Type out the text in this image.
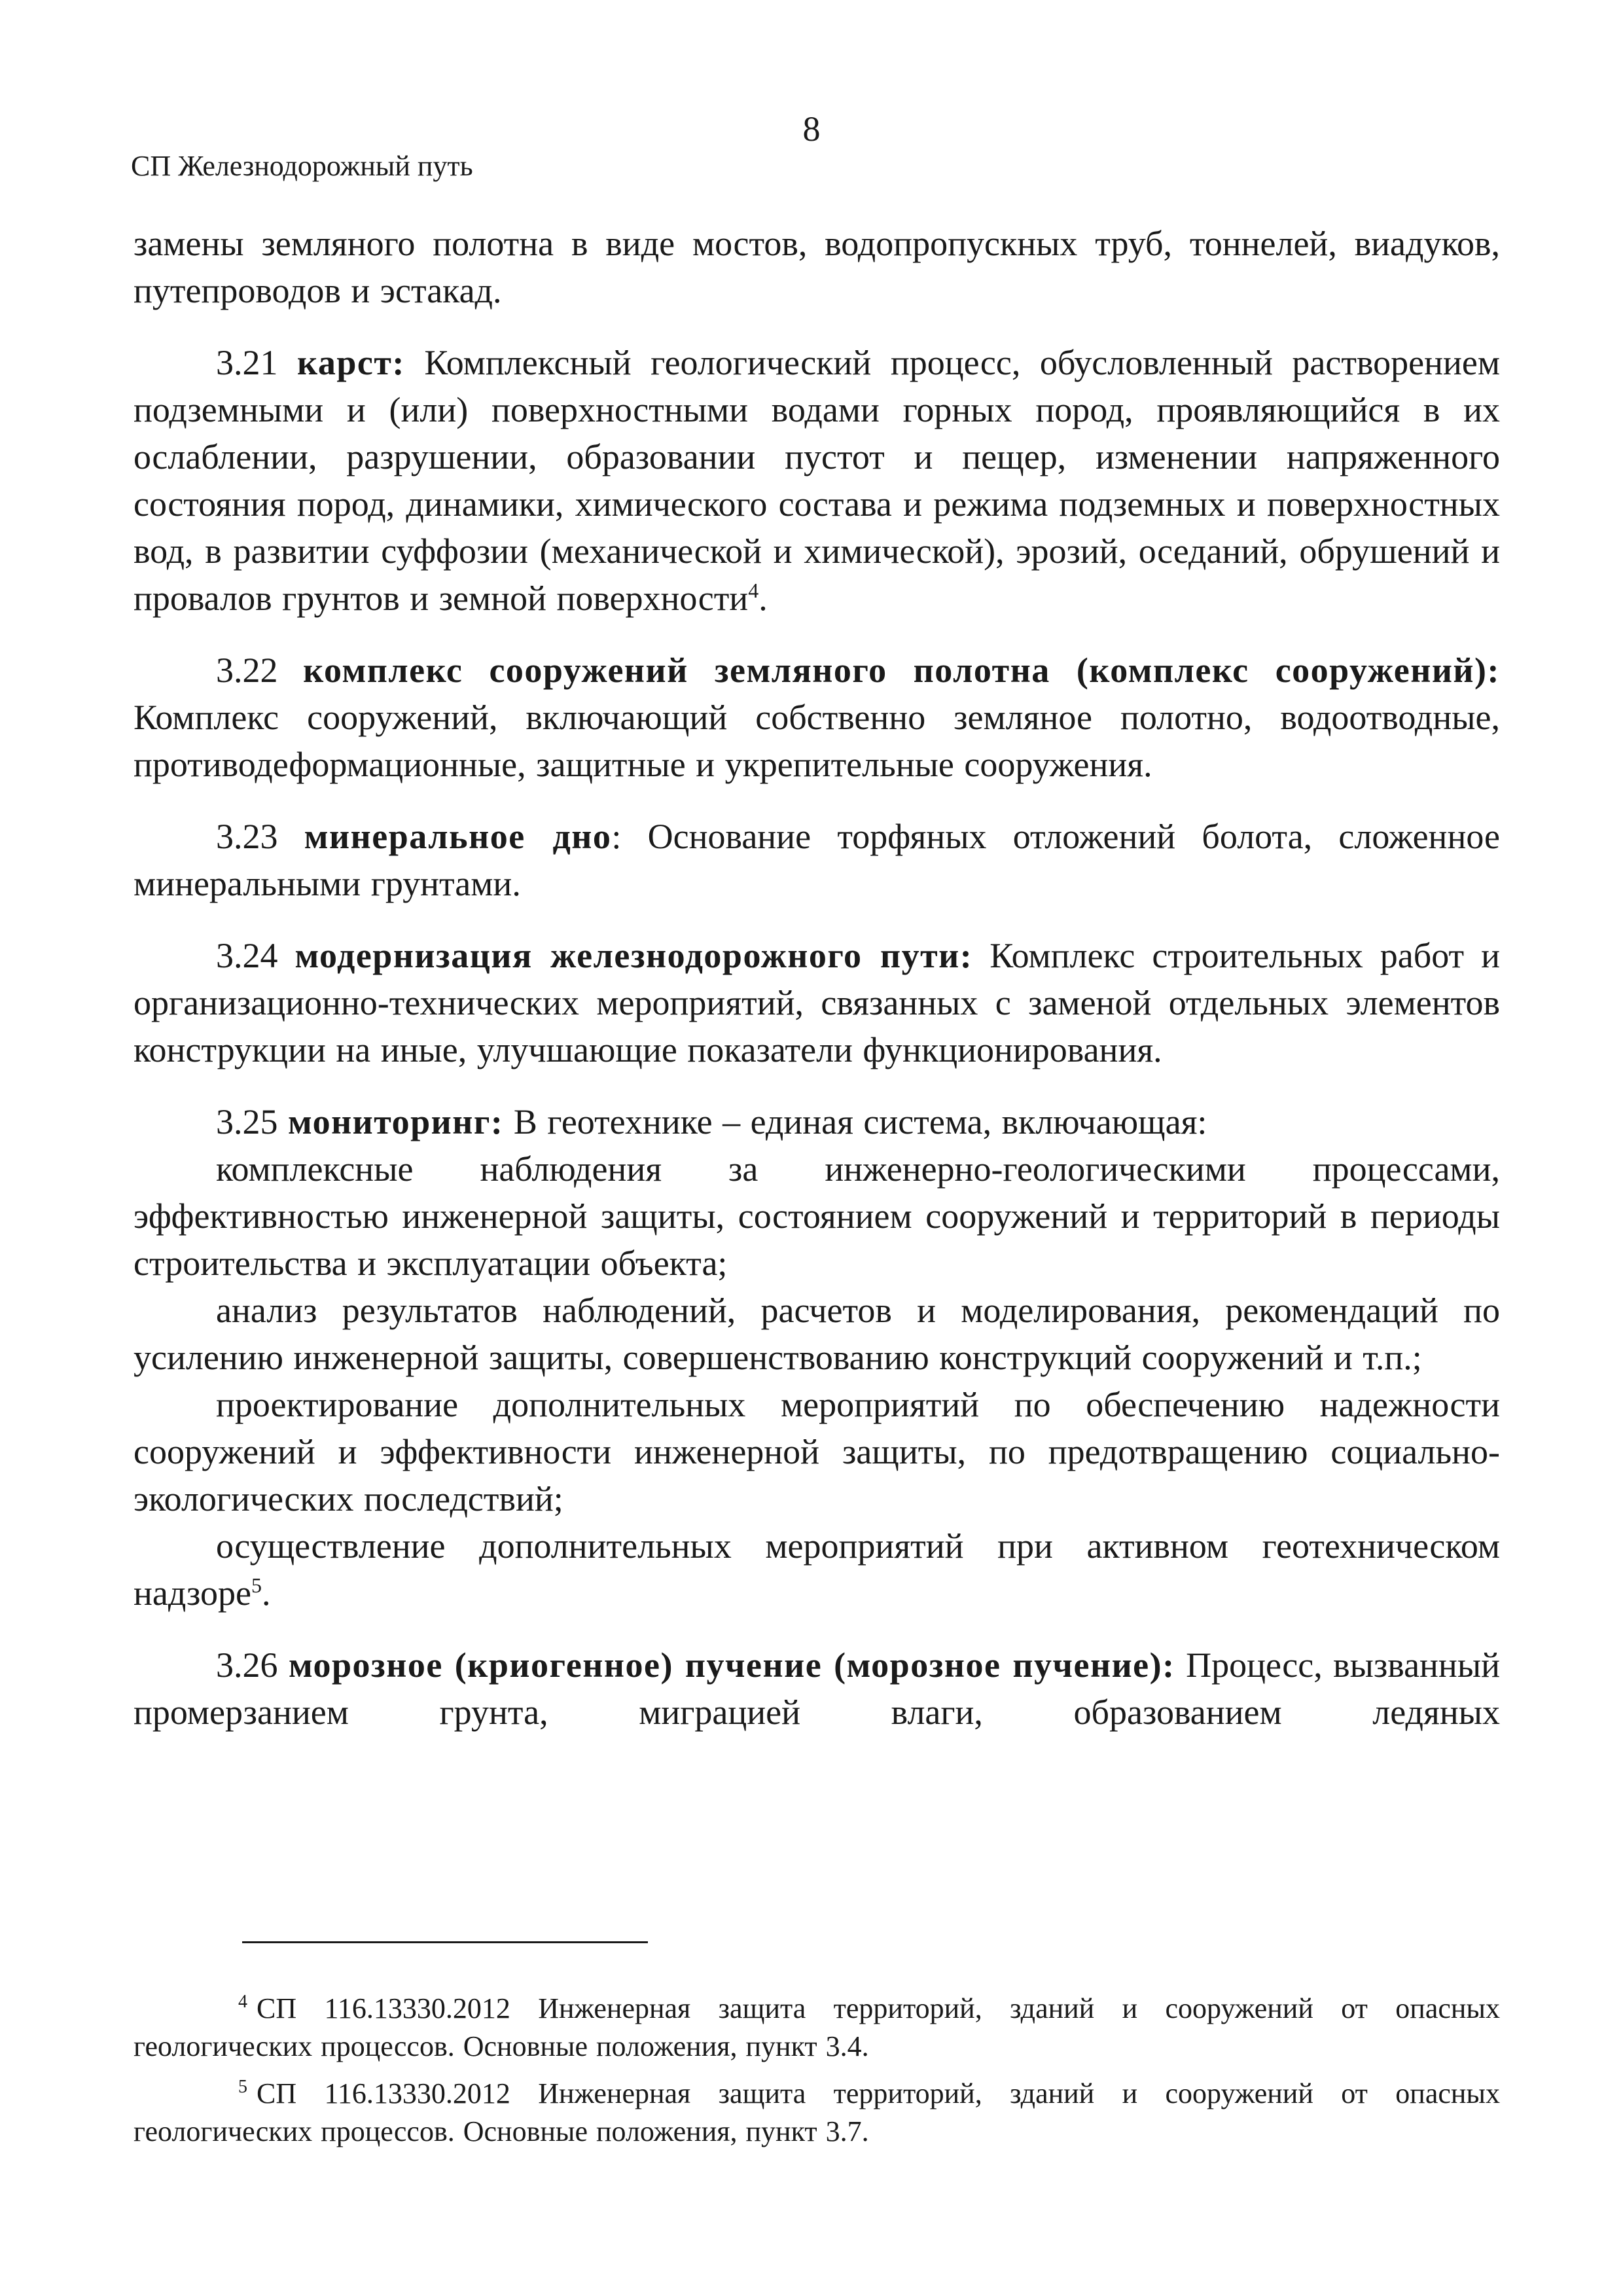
8
СП Железнодорожный путь

замены земляного полотна в виде мостов, водопропускных труб, тоннелей, виадуков, путепроводов и эстакад.

3.21 карст: Комплексный геологический процесс, обусловленный растворением подземными и (или) поверхностными водами горных пород, проявляющийся в их ослаблении, разрушении, образовании пустот и пещер, изменении напряженного состояния пород, динамики, химического состава и режима подземных и поверхностных вод, в развитии суффозии (механической и химической), эрозий, оседаний, обрушений и провалов грунтов и земной поверхности$^4$.

3.22 комплекс сооружений земляного полотна (комплекс сооружений): Комплекс сооружений, включающий собственно земляное полотно, водоотводные, противодеформационные, защитные и укрепительные сооружения.

3.23 минеральное дно: Основание торфяных отложений болота, сложенное минеральными грунтами.

3.24 модернизация железнодорожного пути: Комплекс строительных работ и организационно-технических мероприятий, связанных с заменой отдельных элементов конструкции на иные, улучшающие показатели функционирования.

3.25 мониторинг: В геотехнике – единая система, включающая:

комплексные наблюдения за инженерно-геологическими процессами, эффективностью инженерной защиты, состоянием сооружений и территорий в периоды строительства и эксплуатации объекта;

анализ результатов наблюдений, расчетов и моделирования, рекомендаций по усилению инженерной защиты, совершенствованию конструкций сооружений и т.п.;

проектирование дополнительных мероприятий по обеспечению надежности сооружений и эффективности инженерной защиты, по предотвращению социально-экологических последствий;

осуществление дополнительных мероприятий при активном геотехническом надзоре$^5$.

3.26 морозное (криогенное) пучение (морозное пучение): Процесс, вызванный промерзанием грунта, миграцией влаги, образованием ледяных

$^4$ СП 116.13330.2012 Инженерная защита территорий, зданий и сооружений от опасных геологических процессов. Основные положения, пункт 3.4.

$^5$ СП 116.13330.2012 Инженерная защита территорий, зданий и сооружений от опасных геологических процессов. Основные положения, пункт 3.7.
